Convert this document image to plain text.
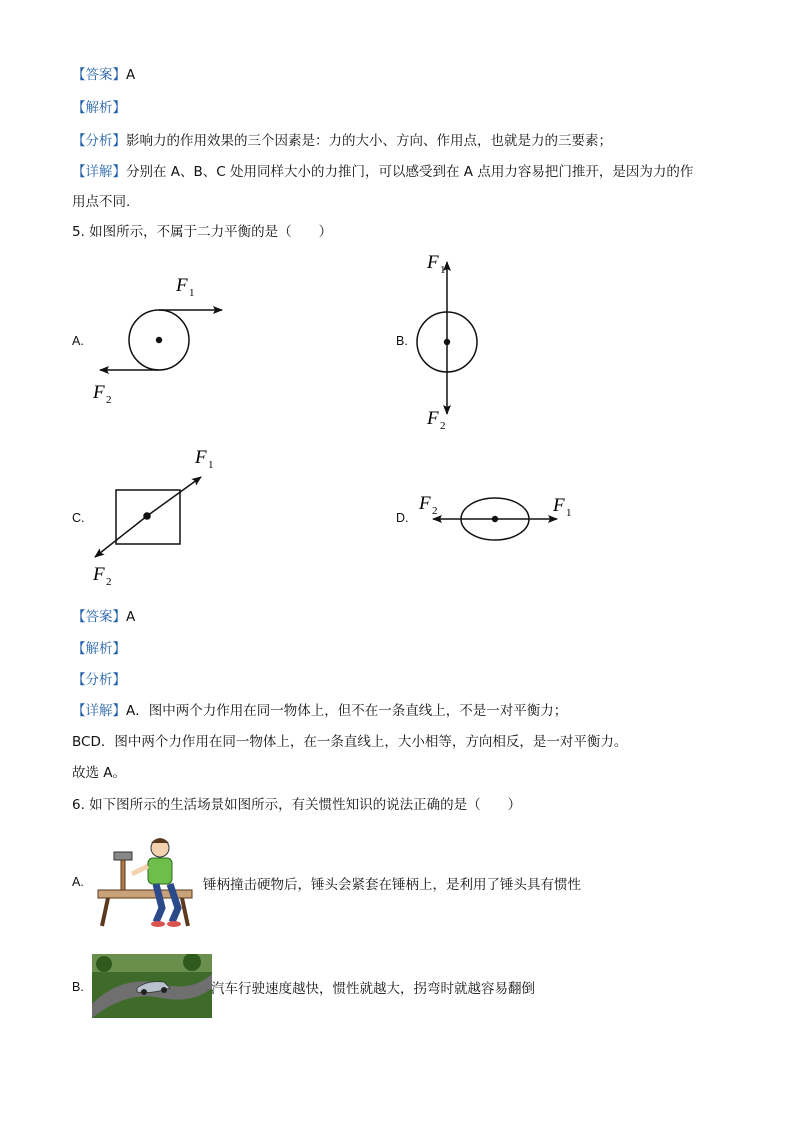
【答案】A
【解析】
【分析】影响力的作用效果的三个因素是：力的大小、方向、作用点，也就是力的三要素；
【详解】分别在 A、B、C 处用同样大小的力推门，可以感受到在 A 点用力容易把门推开，是因为力的作
用点不同.
5. 如图所示，不属于二力平衡的是（　　）
A.	B.
C.	D.
F 1
F 2
F 1
F 2
F 1
F 2
F 1
F 2
【答案】A
【解析】
【分析】
【详解】A．图中两个力作用在同一物体上，但不在一条直线上，不是一对平衡力；
BCD．图中两个力作用在同一物体上，在一条直线上，大小相等，方向相反，是一对平衡力。
故选 A。
6. 如下图所示的生活场景如图所示，有关惯性知识的说法正确的是（　　）
A.	锤柄撞击硬物后，锤头会紧套在锤柄上，是利用了锤头具有惯性
B.	汽车行驶速度越快，惯性就越大，拐弯时就越容易翻倒
